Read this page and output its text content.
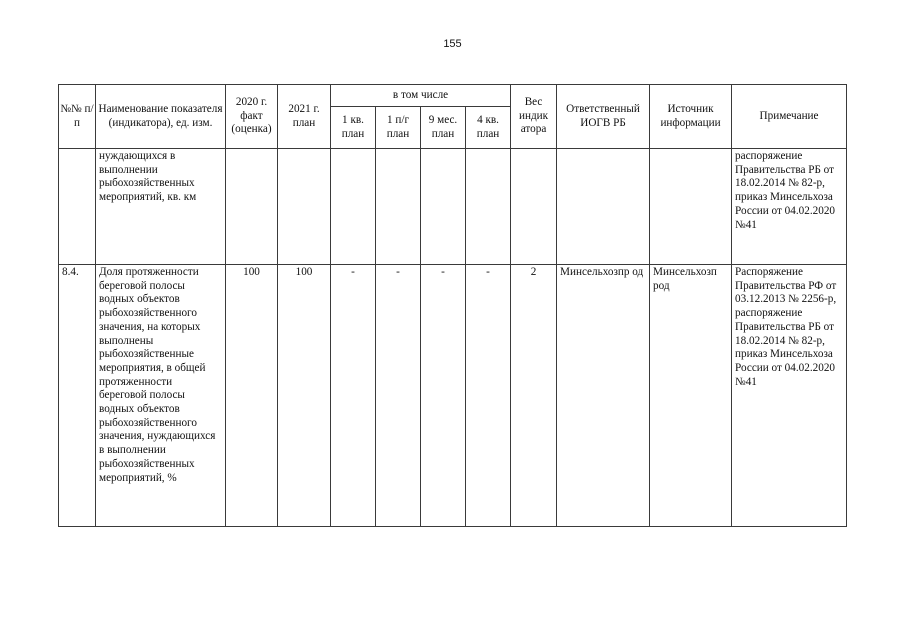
155
№№ п/п	Наименование показателя (индикатора), ед. изм.	2020 г. факт (оценка)	2021 г. план	в том числе				Вес индик атора	Ответственный ИОГВ РБ	Источник информации	Примечание
				1 кв. план	1 п/г план	9 мес. план	4 кв. план				
	нуждающихся в выполнении рыбохозяйственных мероприятий, кв. км										распоряжение Правительства РБ от 18.02.2014 № 82-р, приказ Минсельхоза России от 04.02.2020 №41
8.4.	Доля протяженности береговой полосы водных объектов рыбохозяйственного значения, на которых выполнены рыбохозяйственные мероприятия, в общей протяженности береговой полосы водных объектов рыбохозяйственного значения, нуждающихся в выполнении рыбохозяйственных мероприятий, %	100	100	-	-	-	-	2	Минсельхозпр од	Минсельхозп род	Распоряжение Правительства РФ от 03.12.2013 № 2256-р, распоряжение Правительства РБ от 18.02.2014 № 82-р, приказ Минсельхоза России от 04.02.2020 №41
